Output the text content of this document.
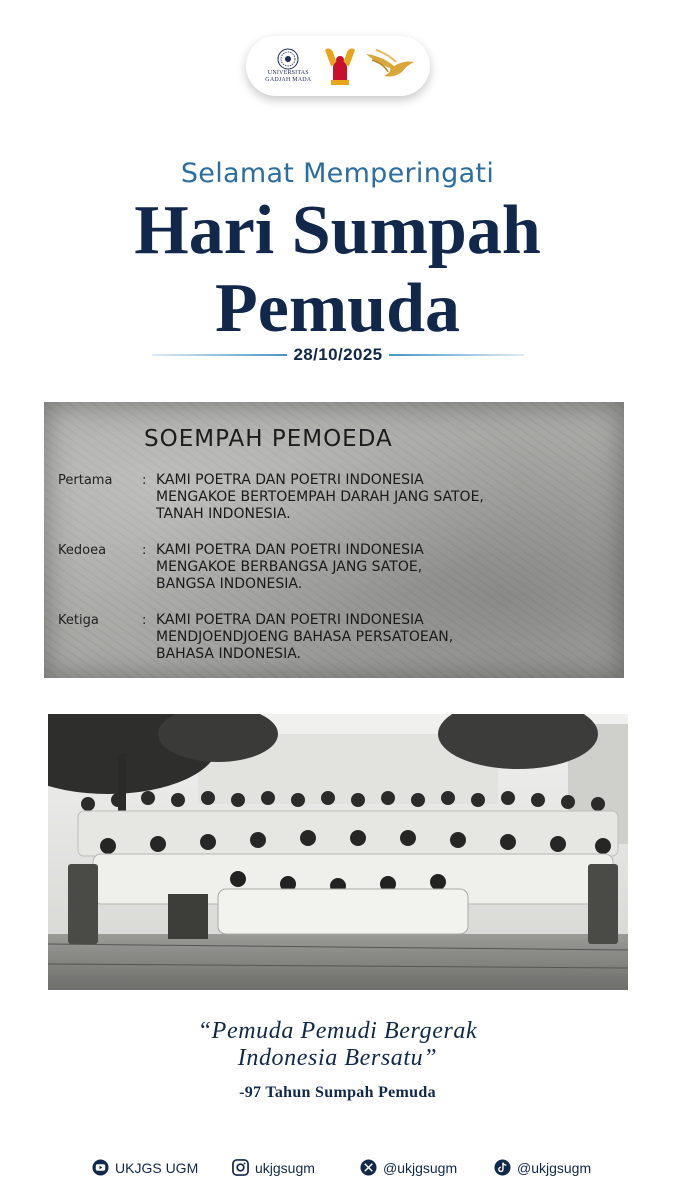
UNIVERSITAS
GADJAH MADA
Selamat Memperingati
Hari Sumpah
Pemuda
28/10/2025
SOEMPAH PEMOEDA
Pertama	: KAMI POETRA DAN POETRI INDONESIA
MENGAKOE BERTOEMPAH DARAH JANG SATOE,
TANAH INDONESIA.
Kedoea	: KAMI POETRA DAN POETRI INDONESIA
MENGAKOE BERBANGSA JANG SATOE,
BANGSA INDONESIA.
Ketiga	: KAMI POETRA DAN POETRI INDONESIA
MENDJOENDJOENG BAHASA PERSATOEAN,
BAHASA INDONESIA.
“Pemuda Pemudi Bergerak
Indonesia Bersatu”
-97 Tahun Sumpah Pemuda
UKJGS UGM	ukjgsugm	@ukjgsugm	@ukjgsugm
